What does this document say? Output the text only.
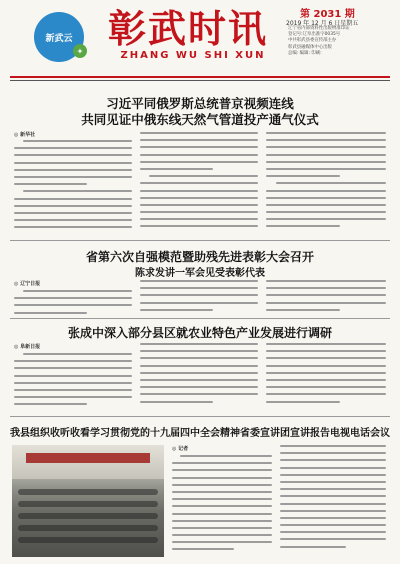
新武云
✦ 彰武时讯
ZHANG WU SHI XUN
第 2031 期
2019 年 12 月 6 日星期五
辽宁省内部资料性出版物准印证
登记号:辽阜出准字0035号
中共彰武县委宣传部主办
彰武县融媒体中心出版
总编: 编辑: 印刷:
习近平同俄罗斯总统普京视频连线
共同见证中俄东线天然气管道投产通气仪式
◎ 新华社
省第六次自强模范暨助残先进表彰大会召开
陈求发讲一军会见受表彰代表
◎ 辽宁日报
张成中深入部分县区就农业特色产业发展进行调研
◎ 阜新日报
我县组织收听收看学习贯彻党的十九届四中全会精神省委宣讲团宣讲报告电视电话会议
◎ 记者
